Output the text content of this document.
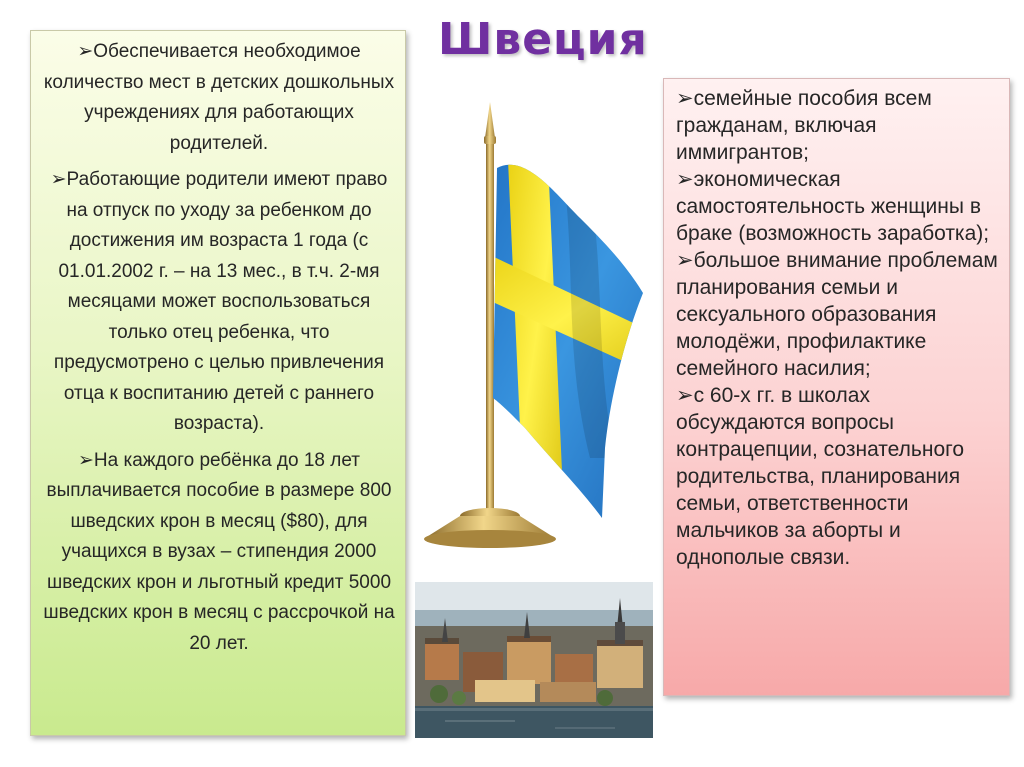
Швеция

➢Обеспечивается необходимое количество мест в детских дошкольных учреждениях для работающих родителей.

➢Работающие родители имеют право на отпуск по уходу за ребенком до достижения им возраста 1 года (с 01.01.2002 г. – на 13 мес., в т.ч. 2-мя месяцами может воспользоваться только отец ребенка, что предусмотрено с целью привлечения отца к воспитанию детей с раннего возраста).

➢На каждого ребёнка до 18 лет выплачивается пособие в размере 800 шведских крон в месяц ($80), для учащихся в вузах – стипендия 2000 шведских крон и льготный кредит 5000 шведских крон в месяц с рассрочкой на 20 лет.

➢семейные пособия всем гражданам, включая иммигрантов;

➢экономическая самостоятельность женщины в браке (возможность заработка);

➢большое внимание проблемам планирования семьи и сексуального образования молодёжи, профилактике семейного насилия;

➢с 60-х гг. в школах обсуждаются вопросы контрацепции, сознательного родительства, планирования семьи, ответственности мальчиков за аборты и однополые связи.
